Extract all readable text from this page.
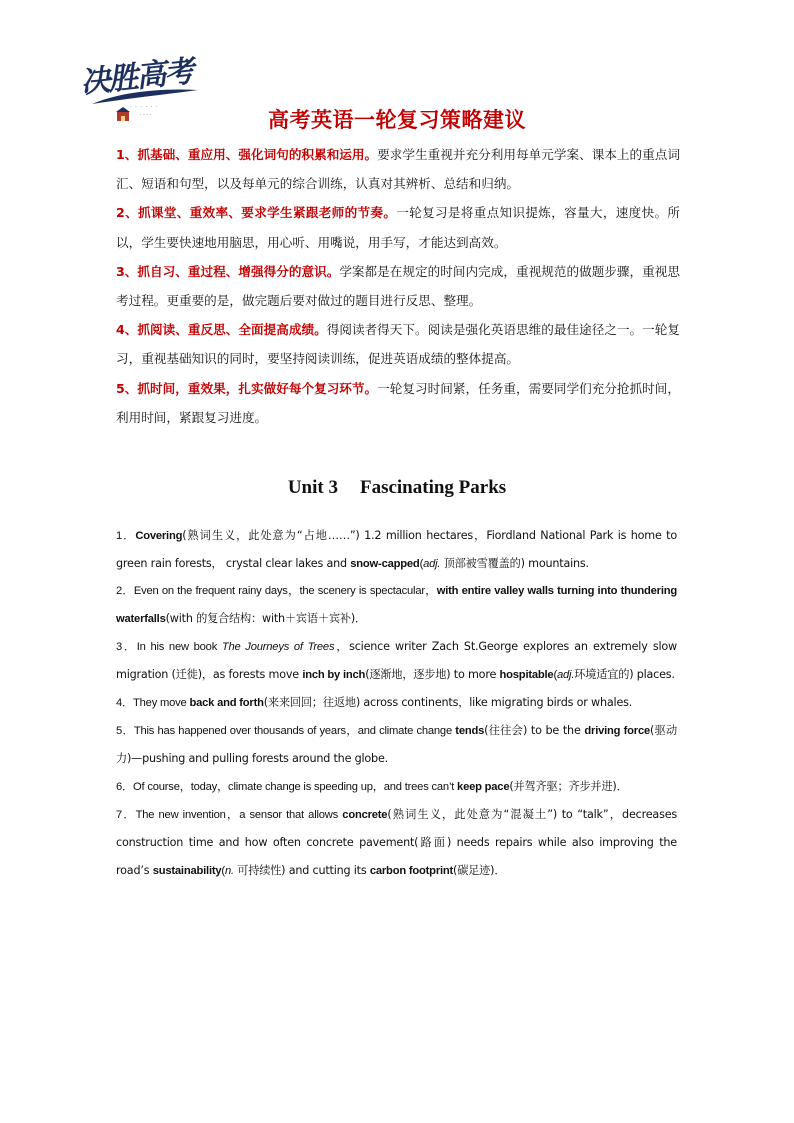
决胜高考
· · · · · ·
· · · ·	高考英语一轮复习策略建议

1、抓基础、重应用、强化词句的积累和运用。要求学生重视并充分利用每单元学案、课本上的重点词汇、短语和句型，以及每单元的综合训练，认真对其辨析、总结和归纳。

2、抓课堂、重效率、要求学生紧跟老师的节奏。一轮复习是将重点知识提炼，容量大，速度快。所以，学生要快速地用脑思，用心听、用嘴说，用手写，才能达到高效。

3、抓自习、重过程、增强得分的意识。学案都是在规定的时间内完成，重视规范的做题步骤，重视思考过程。更重要的是，做完题后要对做过的题目进行反思、整理。

4、抓阅读、重反思、全面提高成绩。得阅读者得天下。阅读是强化英语思维的最佳途径之一。一轮复习，重视基础知识的同时，要坚持阅读训练，促进英语成绩的整体提高。

5、抓时间，重效果，扎实做好每个复习环节。一轮复习时间紧，任务重，需要同学们充分抢抓时间，利用时间，紧跟复习进度。

Unit 3 Fascinating Parks

1．Covering(熟词生义，此处意为“占地……”) 1.2 million hectares，Fiordland National Park is home to green rain forests， crystal clear lakes and snow-capped(adj. 顶部被雪覆盖的) mountains.

2．Even on the frequent rainy days，the scenery is spectacular，with entire valley walls turning into thundering waterfalls(with 的复合结构：with＋宾语＋宾补)．

3．In his new book The Journeys of Trees，science writer Zach St.George explores an extremely slow migration (迁徙)，as forests move inch by inch(逐渐地，逐步地) to more hospitable(adj.环境适宜的) places.

4．They move back and forth(来来回回；往返地) across continents，like migrating birds or whales.

5．This has happened over thousands of years，and climate change tends(往往会) to be the driving force(驱动力)—pushing and pulling forests around the globe.

6．Of course，today，climate change is speeding up，and trees can’t keep pace(并驾齐驱；齐步并进)．

7．The new invention，a sensor that allows concrete(熟词生义，此处意为“混凝土”) to “talk”，decreases construction time and how often concrete pavement(路面) needs repairs while also improving the road’s sustainability(n. 可持续性) and cutting its carbon footprint(碳足迹)．
